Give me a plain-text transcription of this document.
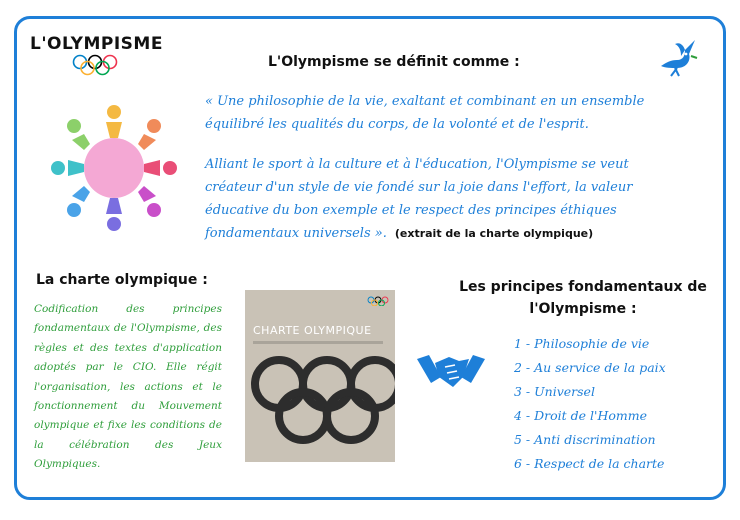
L'OLYMPISME
L'Olympisme se définit comme :

« Une philosophie de la vie, exaltant et combinant en un ensemble équilibré les qualités du corps, de la volonté et de l'esprit.

Alliant le sport à la culture et à l'éducation, l'Olympisme se veut créateur d'un style de vie fondé sur la joie dans l'effort, la valeur éducative du bon exemple et le respect des principes éthiques fondamentaux universels ». (extrait de la charte olympique)

La charte olympique :
Codification des principes fondamentaux de l'Olympisme, des règles et des textes d'application adoptés par le CIO. Elle régit l'organisation, les actions et le fonctionnement du Mouvement olympique et fixe les conditions de la célébration des Jeux Olympiques.
CHARTE OLYMPIQUE
Les principes fondamentaux de
l'Olympisme :
1 - Philosophie de vie
2 - Au service de la paix
3 - Universel
4 - Droit de l'Homme
5 - Anti discrimination
6 - Respect de la charte
